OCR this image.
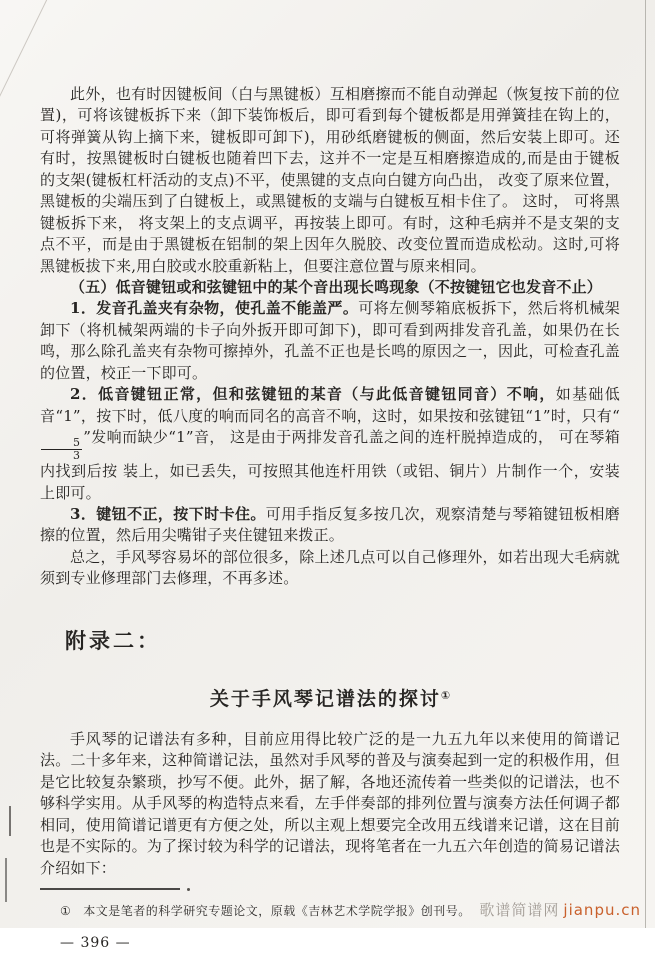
此外，也有时因键板间（白与黑键板）互相磨擦而不能自动弹起（恢复按下前的位置)，可将该键板拆下来（卸下装饰板后，即可看到每个键板都是用弹簧挂在钩上的，可将弹簧从钩上摘下来，键板即可卸下)，用砂纸磨键板的侧面，然后安装上即可。还有时，按黑键板时白键板也随着凹下去，这并不一定是互相磨擦造成的,而是由于键板的支架(键板杠杆活动的支点)不平，使黑键的支点向白键方向凸出， 改变了原来位置， 黑键板的尖端压到了白键板上，或黑键板的支端与白键板互相卡住了。 这时， 可将黑键板拆下来， 将支架上的支点调平，再按装上即可。有时，这种毛病并不是支架的支点不平，而是由于黑键板在铝制的架上因年久脱胶、改变位置而造成松动。这时,可将黑键板拔下来,用白胶或水胶重新粘上，但要注意位置与原来相同。

（五）低音键钮或和弦键钮中的某个音出现长鸣现象（不按键钮它也发音不止）

1．发音孔盖夹有杂物，使孔盖不能盖严。可将左侧琴箱底板拆下，然后将机械架卸下（将机械架两端的卡子向外扳开即可卸下)，即可看到两排发音孔盖，如果仍在长鸣，那么除孔盖夹有杂物可擦掉外，孔盖不正也是长鸣的原因之一，因此，可检查孔盖的位置，校正一下即可。

2．低音键钮正常，但和弦键钮的某音（与此低音键钮同音）不响，如基础低音“1”，按下时，低八度的响而同名的高音不响，这时，如果按和弦键钮“1”时，只有“
$\frac{5}{3}$ ”发响而缺少“1”音， 这是由于两排发音孔盖之间的连杆脱掉造成的， 可在琴箱内找到后按 装上，如已丢失，可按照其他连杆用铁（或铝、铜片）片制作一个，安装上即可。

3．键钮不正，按下时卡住。可用手指反复多按几次，观察清楚与琴箱键钮板相磨擦的位置，然后用尖嘴钳子夹住键钮来拨正。

总之，手风琴容易坏的部位很多，除上述几点可以自己修理外，如若出现大毛病就须到专业修理部门去修理，不再多述。

附录二：

关于手风琴记谱法的探讨①

手风琴的记谱法有多种，目前应用得比较广泛的是一九五九年以来使用的简谱记法。二十多年来，这种简谱记法，虽然对手风琴的普及与演奏起到一定的积极作用，但是它比较复杂繁琐，抄写不便。此外，据了解，各地还流传着一些类似的记谱法，也不够科学实用。从手风琴的构造特点来看，左手伴奏部的排列位置与演奏方法任何调子都相同，使用简谱记谱更有方便之处，所以主观上想要完全改用五线谱来记谱，这在目前也是不实际的。为了探讨较为科学的记谱法，现将笔者在一九五六年创造的简易记谱法介绍如下：

① 本文是笔者的科学研究专题论文，原载《吉林艺术学院学报》创刊号。

— 396 —

歌谱简谱网 jianpu.cn
